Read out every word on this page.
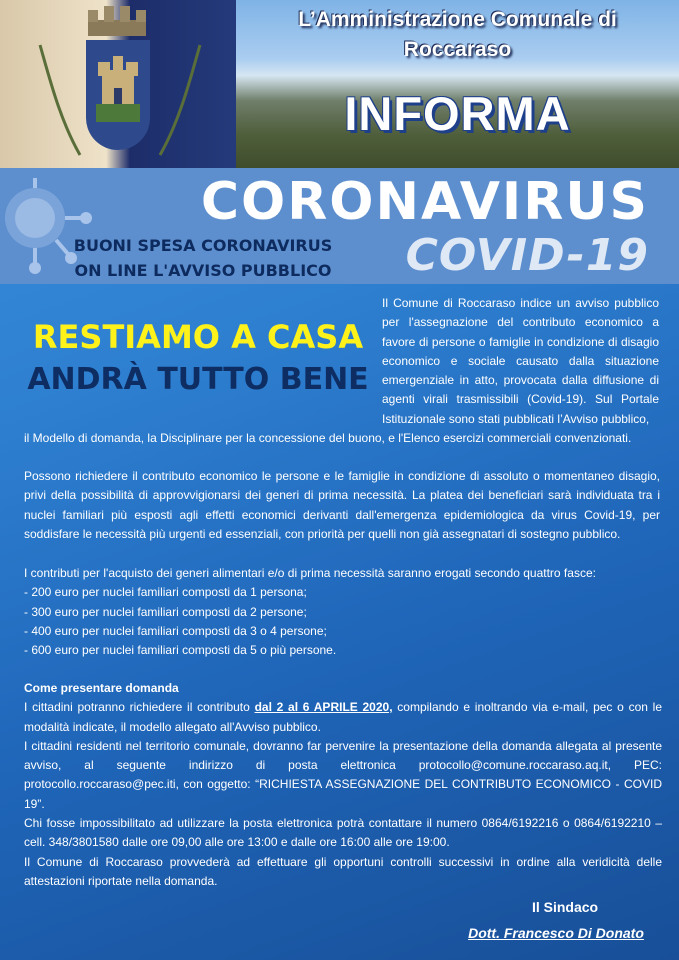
L’Amministrazione Comunale di
Roccaraso
INFORMA
CORONAVIRUS
COVID-19
BUONI SPESA CORONAVIRUS
ON LINE L'AVVISO PUBBLICO
RESTIAMO A CASA
ANDRÀ TUTTO BENE
Il Comune di Roccaraso indice un avviso pubblico per l'assegnazione del contributo economico a favore di persone o famiglie in condizione di disagio economico e sociale causato dalla situazione emergenziale in atto, provocata dalla diffusione di agenti virali trasmissibili (Covid-19). Sul Portale Istituzionale sono stati pubblicati l’Avviso pubblico,
il Modello di domanda, la Disciplinare per la concessione del buono, e l'Elenco esercizi commerciali convenzionati.

Possono richiedere il contributo economico le persone e le famiglie in condizione di assoluto o momentaneo disagio, privi della possibilità di approvvigionarsi dei generi di prima necessità. La platea dei beneficiari sarà individuata tra i nuclei familiari più esposti agli effetti economici derivanti dall'emergenza epidemiologica da virus Covid-19, per soddisfare le necessità più urgenti ed essenziali, con priorità per quelli non già assegnatari di sostegno pubblico.

I contributi per l'acquisto dei generi alimentari e/o di prima necessità saranno erogati secondo quattro fasce:

- 200 euro per nuclei familiari composti da 1 persona;

- 300 euro per nuclei familiari composti da 2 persone;

- 400 euro per nuclei familiari composti da 3 o 4 persone;

- 600 euro per nuclei familiari composti da 5 o più persone.

Come presentare domanda

I cittadini potranno richiedere il contributo dal 2 al 6 APRILE 2020, compilando e inoltrando via e-mail, pec o con le modalità indicate, il modello allegato all'Avviso pubblico.

I cittadini residenti nel territorio comunale, dovranno far pervenire la presentazione della domanda allegata al presente avviso, al seguente indirizzo di posta elettronica protocollo@comune.roccaraso.aq.it, PEC: protocollo.roccaraso@pec.iti, con oggetto: “RICHIESTA ASSEGNAZIONE DEL CONTRIBUTO ECONOMICO - COVID 19”.

Chi fosse impossibilitato ad utilizzare la posta elettronica potrà contattare il numero 0864/6192216 o 0864/6192210 – cell. 348/3801580 dalle ore 09,00 alle ore 13:00 e dalle ore 16:00 alle ore 19:00.

Il Comune di Roccaraso provvederà ad effettuare gli opportuni controlli successivi in ordine alla veridicità delle attestazioni riportate nella domanda.

Il Sindaco
Dott. Francesco Di Donato
